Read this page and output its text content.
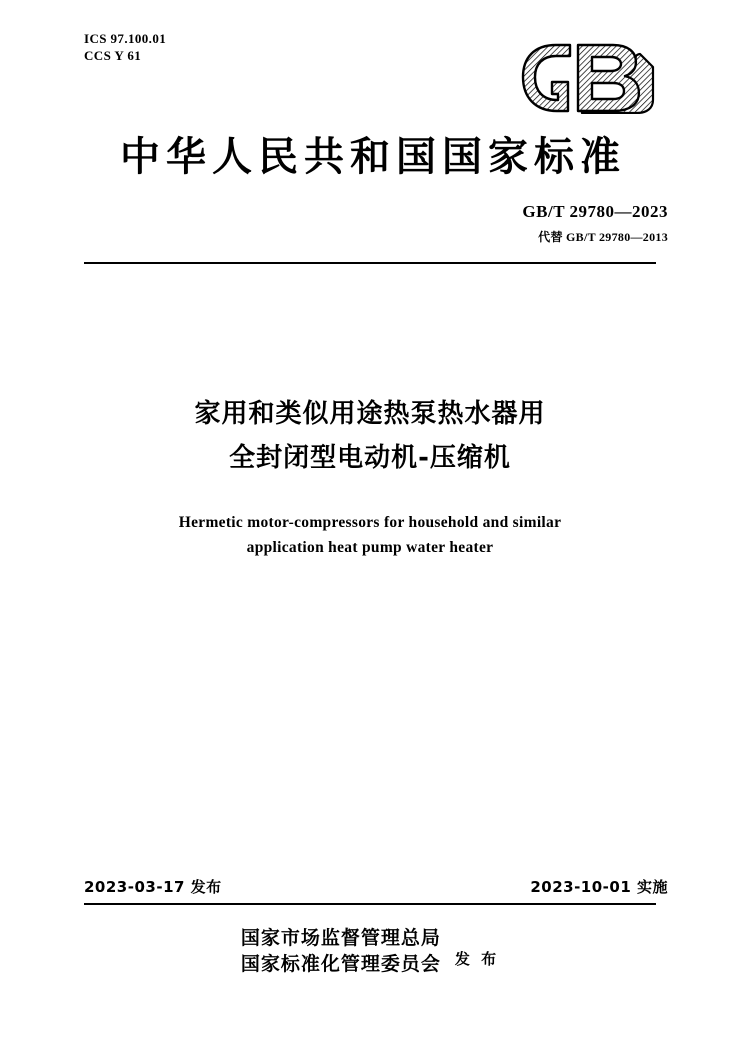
ICS 97.100.01
CCS Y 61
中华人民共和国国家标准
GB/T 29780—2023
代替 GB/T 29780—2013
家用和类似用途热泵热水器用
全封闭型电动机-压缩机
Hermetic motor-compressors for household and similar
application heat pump water heater
2023-03-17 发布	2023-10-01 实施
国家市场监督管理总局
国家标准化管理委员会 发 布
